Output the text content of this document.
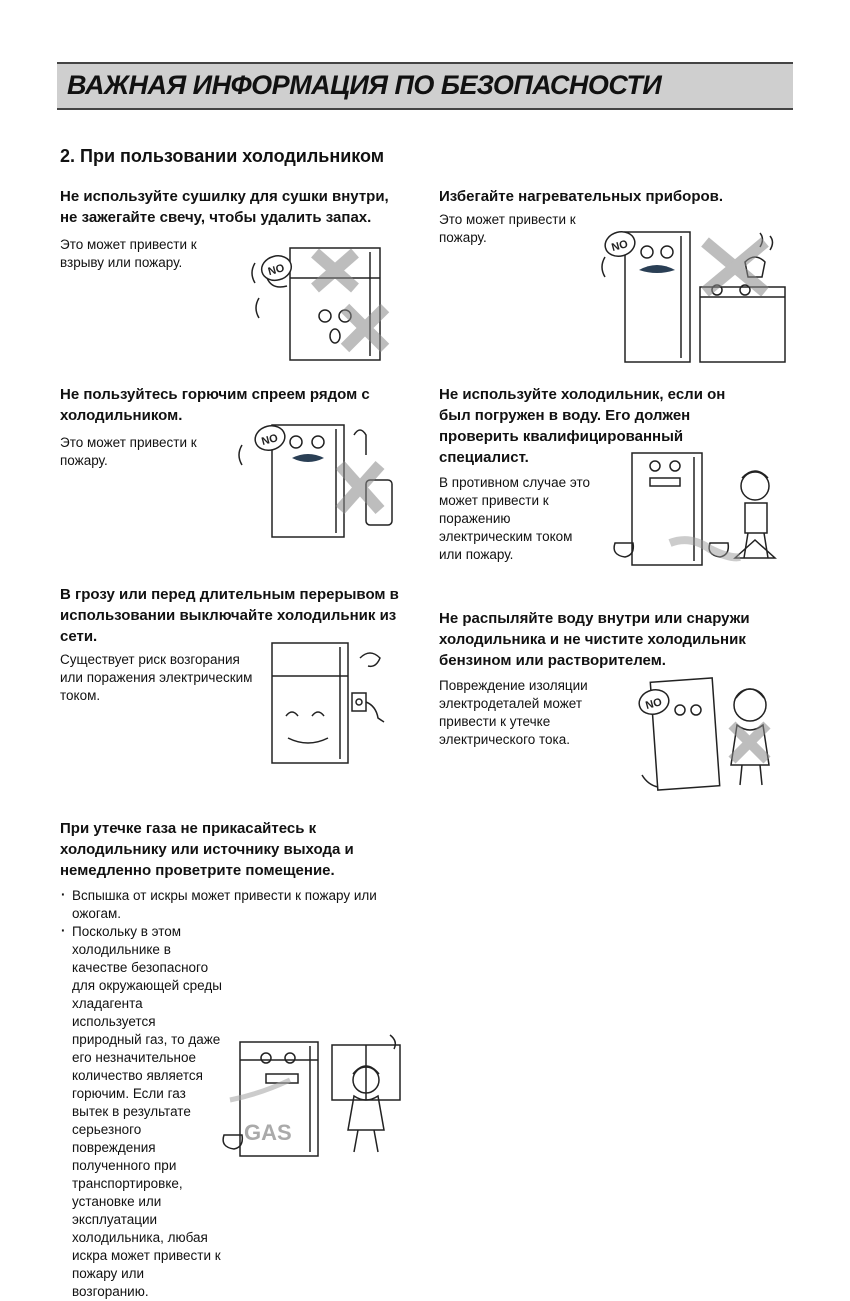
ВАЖНАЯ ИНФОРМАЦИЯ ПО БЕЗОПАСНОСТИ
2. При пользовании холодильником
Не используйте сушилку для сушки внутри, не зажегайте свечу, чтобы удалить запах.

Это может привести к взрыву или пожару.	NO
Избегайте нагревательных приборов.

Это может привести к пожару.

NO
Не пользуйтесь горючим спреем рядом с холодильником.

Это может привести к пожару.

NO
Не используйте холодильник, если он был погружен в воду. Его должен проверить квалифицированный специалист.

В противном случае это может привести к поражению электрическим током или пожару.

В грозу или перед длительным перерывом в использовании выключайте холодильник из сети.

Существует риск возгорания или поражения электрическим током.

Не распыляйте воду внутри или снаружи холодильника и не чистите холодильник бензином или растворителем.

Повреждение изоляции электродеталей может привести к утечке электрического тока.

NO
При утечке газа не прикасайтесь к холодильнику или источнику выхода и немедленно проветрите помещение.
· Вспышка от искры может привести к пожару или ожогам.
· Поскольку в этом холодильнике в качестве безопасного для окружающей среды хладагента используется природный газ, то даже его незначительное количество является горючим. Если газ вытек в результате серьезного повреждения полученного при транспортировке, установке или эксплуатации холодильника, любая искра может привести к пожару или возгоранию.
GAS
